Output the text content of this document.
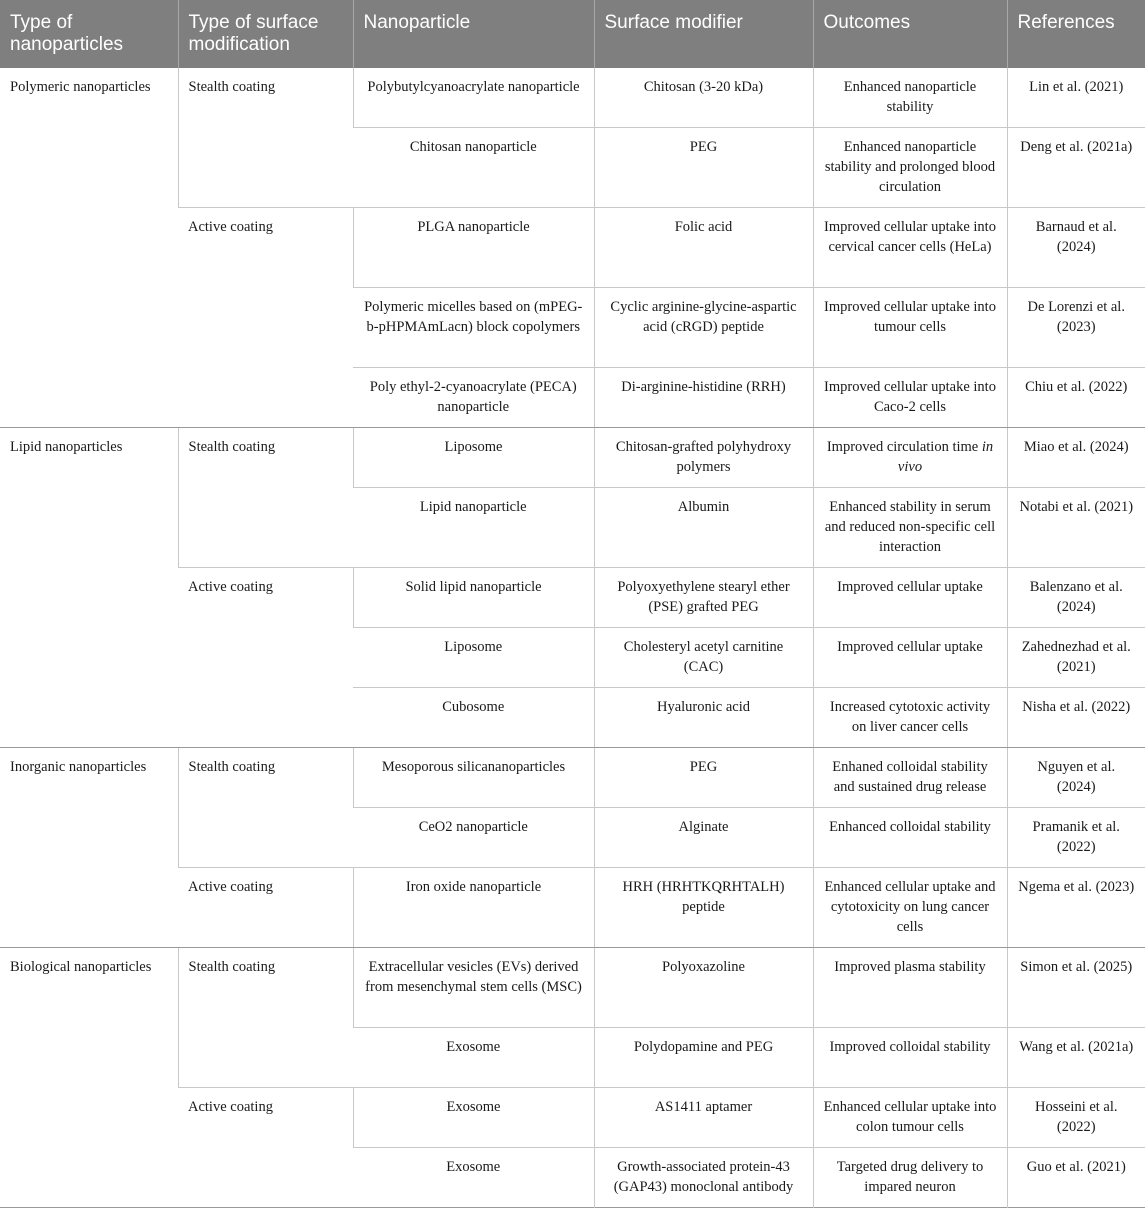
Type of nanoparticles	Type of surface modification	Nanoparticle	Surface modifier	Outcomes	References
Polymeric nanoparticles	Stealth coating	Polybutylcyanoacrylate nanoparticle	Chitosan (3-20 kDa)	Enhanced nanoparticle stability	Lin et al. (2021)
		Chitosan nanoparticle	PEG	Enhanced nanoparticle stability and prolonged blood circulation	Deng et al. (2021a)
	Active coating	PLGA nanoparticle	Folic acid	Improved cellular uptake into cervical cancer cells (HeLa)	Barnaud et al. (2024)
		Polymeric micelles based on (mPEG-b-pHPMAmLacn) block copolymers	Cyclic arginine-glycine-aspartic acid (cRGD) peptide	Improved cellular uptake into tumour cells	De Lorenzi et al. (2023)
		Poly ethyl-2-cyanoacrylate (PECA) nanoparticle	Di-arginine-histidine (RRH)	Improved cellular uptake into Caco-2 cells	Chiu et al. (2022)
Lipid nanoparticles	Stealth coating	Liposome	Chitosan-grafted polyhydroxy polymers	Improved circulation time in vivo	Miao et al. (2024)
		Lipid nanoparticle	Albumin	Enhanced stability in serum and reduced non-specific cell interaction	Notabi et al. (2021)
	Active coating	Solid lipid nanoparticle	Polyoxyethylene stearyl ether (PSE) grafted PEG	Improved cellular uptake	Balenzano et al. (2024)
		Liposome	Cholesteryl acetyl carnitine (CAC)	Improved cellular uptake	Zahednezhad et al. (2021)
		Cubosome	Hyaluronic acid	Increased cytotoxic activity on liver cancer cells	Nisha et al. (2022)
Inorganic nanoparticles	Stealth coating	Mesoporous silicananoparticles	PEG	Enhaned colloidal stability and sustained drug release	Nguyen et al. (2024)
		CeO2 nanoparticle	Alginate	Enhanced colloidal stability	Pramanik et al. (2022)
	Active coating	Iron oxide nanoparticle	HRH (HRHTKQRHTALH) peptide	Enhanced cellular uptake and cytotoxicity on lung cancer cells	Ngema et al. (2023)
Biological nanoparticles	Stealth coating	Extracellular vesicles (EVs) derived from mesenchymal stem cells (MSC)	Polyoxazoline	Improved plasma stability	Simon et al. (2025)
		Exosome	Polydopamine and PEG	Improved colloidal stability	Wang et al. (2021a)
	Active coating	Exosome	AS1411 aptamer	Enhanced cellular uptake into colon tumour cells	Hosseini et al. (2022)
		Exosome	Growth-associated protein-43 (GAP43) monoclonal antibody	Targeted drug delivery to impared neuron	Guo et al. (2021)
